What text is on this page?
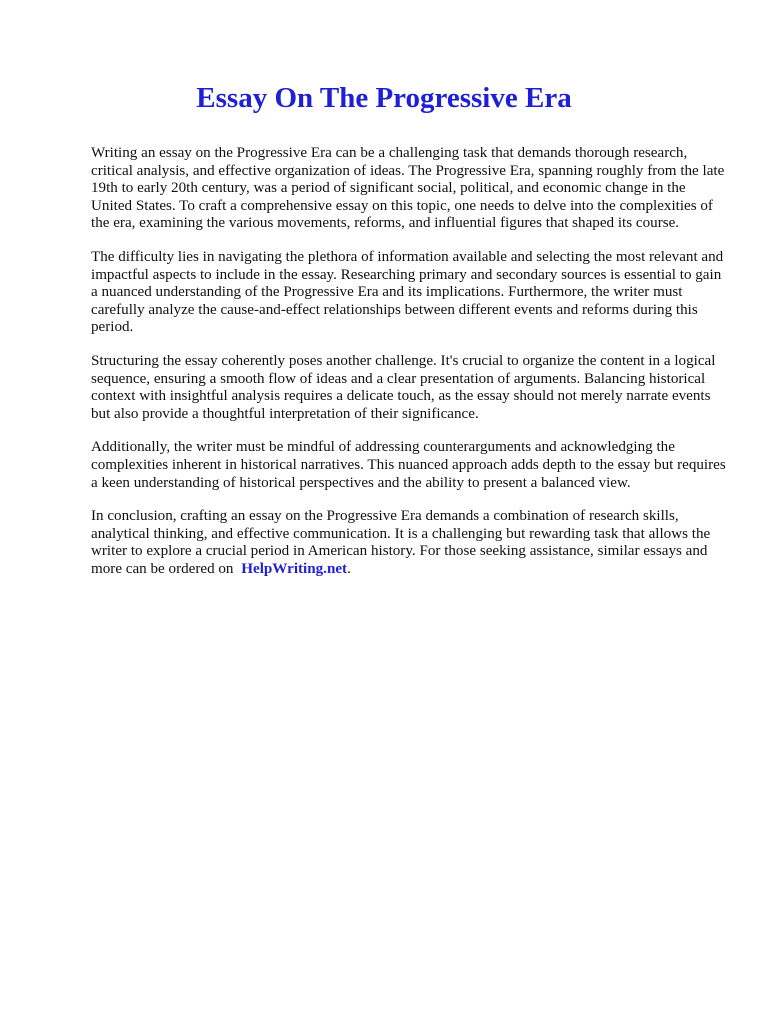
Essay On The Progressive Era

Writing an essay on the Progressive Era can be a challenging task that demands thorough research, critical analysis, and effective organization of ideas. The Progressive Era, spanning roughly from the late 19th to early 20th century, was a period of significant social, political, and economic change in the United States. To craft a comprehensive essay on this topic, one needs to delve into the complexities of the era, examining the various movements, reforms, and influential figures that shaped its course.

The difficulty lies in navigating the plethora of information available and selecting the most relevant and impactful aspects to include in the essay. Researching primary and secondary sources is essential to gain a nuanced understanding of the Progressive Era and its implications. Furthermore, the writer must carefully analyze the cause-and-effect relationships between different events and reforms during this period.

Structuring the essay coherently poses another challenge. It's crucial to organize the content in a logical sequence, ensuring a smooth flow of ideas and a clear presentation of arguments. Balancing historical context with insightful analysis requires a delicate touch, as the essay should not merely narrate events but also provide a thoughtful interpretation of their significance.

Additionally, the writer must be mindful of addressing counterarguments and acknowledging the complexities inherent in historical narratives. This nuanced approach adds depth to the essay but requires a keen understanding of historical perspectives and the ability to present a balanced view.

In conclusion, crafting an essay on the Progressive Era demands a combination of research skills, analytical thinking, and effective communication. It is a challenging but rewarding task that allows the writer to explore a crucial period in American history. For those seeking assistance, similar essays and more can be ordered on HelpWriting.net.
